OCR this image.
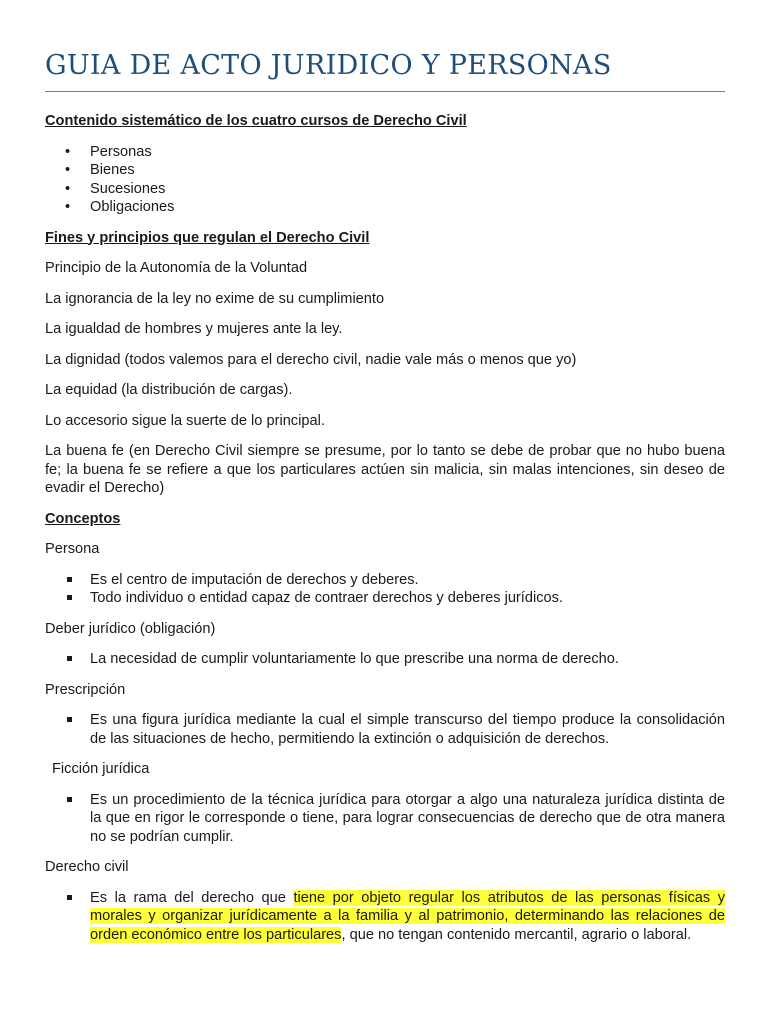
GUIA DE ACTO JURIDICO Y PERSONAS
Contenido sistemático de los cuatro cursos de Derecho Civil
• Personas
• Bienes
• Sucesiones
• Obligaciones
Fines y principios que regulan el Derecho Civil

Principio de la Autonomía de la Voluntad

La ignorancia de la ley no exime de su cumplimiento

La igualdad de hombres y mujeres ante la ley.

La dignidad (todos valemos para el derecho civil, nadie vale más o menos que yo)

La equidad (la distribución de cargas).

Lo accesorio sigue la suerte de lo principal.

La buena fe (en Derecho Civil siempre se presume, por lo tanto se debe de probar que no hubo buena fe; la buena fe se refiere a que los particulares actúen sin malicia, sin malas intenciones, sin deseo de evadir el Derecho)

Conceptos

Persona

Es el centro de imputación de derechos y deberes.
Todo individuo o entidad capaz de contraer derechos y deberes jurídicos.

Deber jurídico (obligación)

La necesidad de cumplir voluntariamente lo que prescribe una norma de derecho.

Prescripción

Es una figura jurídica mediante la cual el simple transcurso del tiempo produce la consolidación de las situaciones de hecho, permitiendo la extinción o adquisición de derechos.

Ficción jurídica

Es un procedimiento de la técnica jurídica para otorgar a algo una naturaleza jurídica distinta de la que en rigor le corresponde o tiene, para lograr consecuencias de derecho que de otra manera no se podrían cumplir.

Derecho civil

Es la rama del derecho que tiene por objeto regular los atributos de las personas físicas y morales y organizar jurídicamente a la familia y al patrimonio, determinando las relaciones de orden económico entre los particulares, que no tengan contenido mercantil, agrario o laboral.
